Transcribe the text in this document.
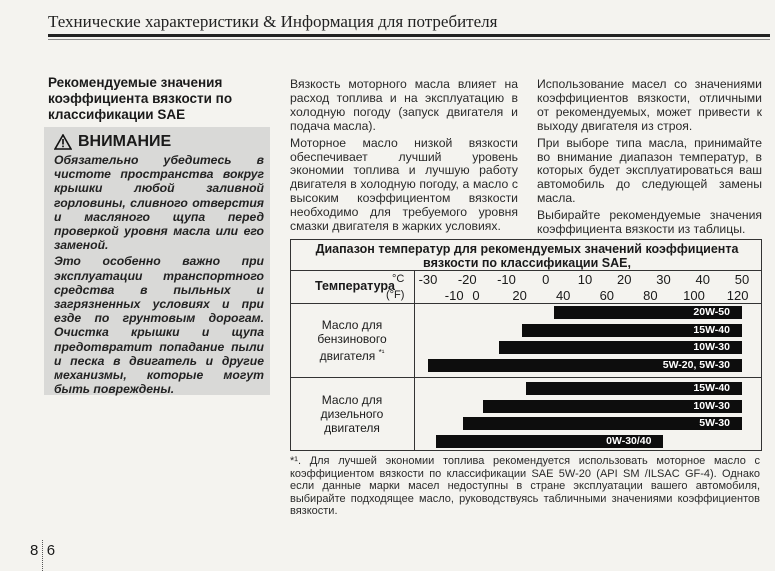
Технические характеристики & Информация для потребителя
Рекомендуемые значения коэффициента вязкости по классификации SAE
ВНИМАНИЕ

Обязательно убедитесь в чистоте пространства вокруг крышки любой заливной горловины, сливного отверстия и масляного щупа перед проверкой уровня масла или его заменой.

Это особенно важно при эксплуатации транспортного средства в пыльных и загрязненных условиях и при езде по грунтовым дорогам. Очистка крышки и щупа предотвратит попадание пыли и песка в двигатель и другие механизмы, которые могут быть повреждены.

Вязкость моторного масла влияет на расход топлива и на эксплуатацию в холодную погоду (запуск двигателя и подача масла).

Моторное масло низкой вязкости обеспечивает лучший уровень экономии топлива и лучшую работу двигателя в холодную погоду, а масло с высоким коэффициентом вязкости необходимо для требуемого уровня смазки двигателя в жарких условиях.

Использование масел со значениями коэффициентов вязкости, отличными от рекомендуемых, может привести к выходу двигателя из строя.

При выборе типа масла, принимайте во внимание диапазон температур, в которых будет эксплуатироваться ваш автомобиль до следующей замены масла.

Выбирайте рекомендуемые значения коэффициента вязкости из таблицы.

Диапазон температур для рекомендуемых значений коэффициента вязкости по классификации SAE,
Температура
°C
(°F)
-30 -20 -10 0 10 20 30 40 50
-10 0	20 40 60 80 100 120
Масло для бензинового двигателя $^{*^1}$
Масло для дизельного двигателя
20W-50
15W-40
10W-30
5W-20, 5W-30
15W-40
10W-30
5W-30
0W-30/40
*¹. Для лучшей экономии топлива рекомендуется использовать моторное масло с коэффициентом вязкости по классификации SAE 5W-20 (API SM /ILSAC GF-4). Однако если данные марки масел недоступны в стране эксплуатации вашего автомобиля, выбирайте подходящее масло, руководствуясь табличными значениями коэффициентов вязкости.
8 6
